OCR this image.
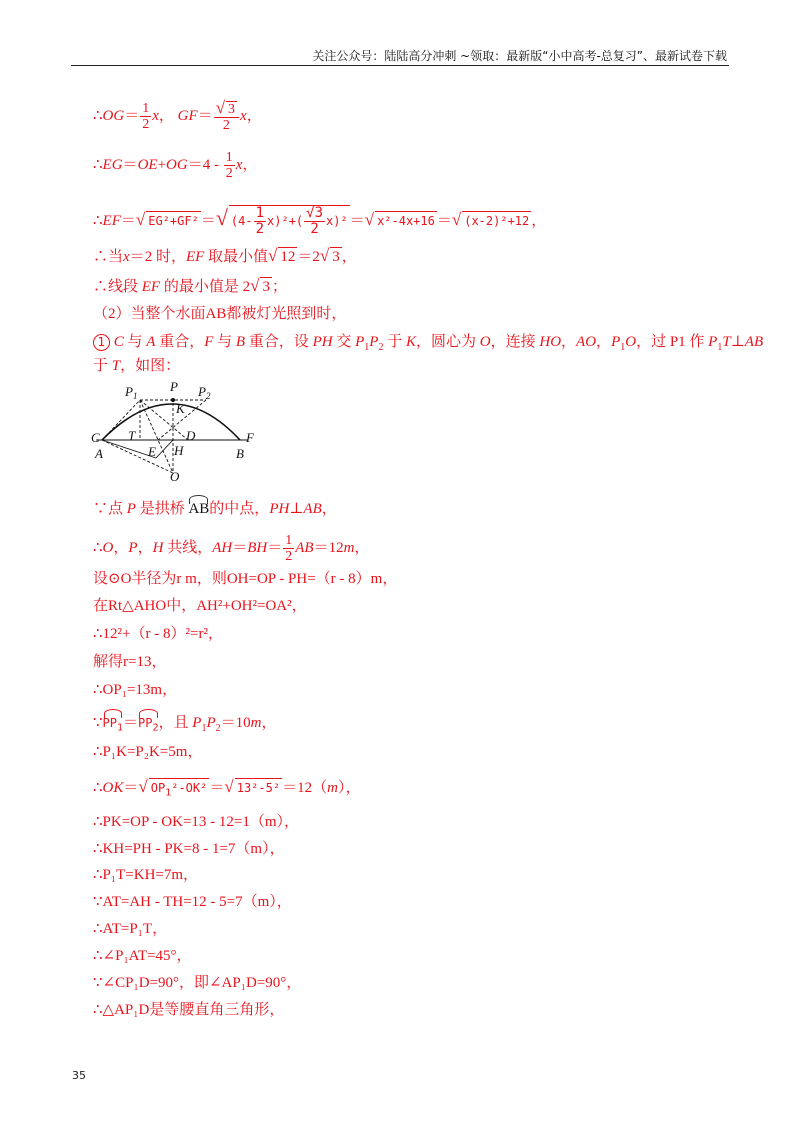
关注公众号：陆陆高分冲刺 ~领取：最新版“小中高考-总复习”、最新试卷下载
∴OG＝ $\frac{1}{2}$ x， $GF= \frac{√ 3}{2}$ x，
∴EG＝OE+OG＝4 - $\frac{1}{2}$ x，
∴EF＝√ EG²+GF² ＝√ $(4- \frac{1}{2} x)^2+( \frac{√3}{2} x)^2$ ＝√ x²-4x+16 ＝√ (x-2)²+12 ，
∴当x＝2 时，EF 取最小值√ 12 ＝2√ 3 ，
∴线段 EF 的最小值是 2√ 3 ；
（2）当整个水面AB都被灯光照到时，
1 C 与 A 重合，F 与 B 重合，设 PH 交 $P_1P_2$ 于 K，圆心为 O，连接 HO，AO，$P_1O$，过 P1 作 $P_1T\perp AB$
于 T，如图：
∵点 P 是拱桥 AB的中点，PH⊥AB，
∴O，P，H 共线，$AH=BH= \frac{1}{2} AB=12m$，
设⊙O半径为r m，则OH=OP - PH=（r - 8）m，
在Rt△AHO中，AH²+OH²=OA²，
∴12²+（r - 8）²=r²，
解得r=13，
∴OP₁=13m，
$\because PP_1=PP_2$，且 $P_1P_2=10m$，
∴P₁K=P₂K=5m，
∴OK＝√ $OP_1^2$-OK² ＝√ 13²-5² ＝12（m），
∴PK=OP - OK=13 - 12=1（m），
∴KH=PH - PK=8 - 1=7（m），
∴P₁T=KH=7m，
∵AT=AH - TH=12 - 5=7（m），
∴AT=P₁T，
∴∠P₁AT=45°，
∵∠CP₁D=90°，即∠AP₁D=90°，
∴△AP₁D是等腰直角三角形，
P
$P_1$	$P_2$
K
C T	D	F
A	E H	B
O
35
